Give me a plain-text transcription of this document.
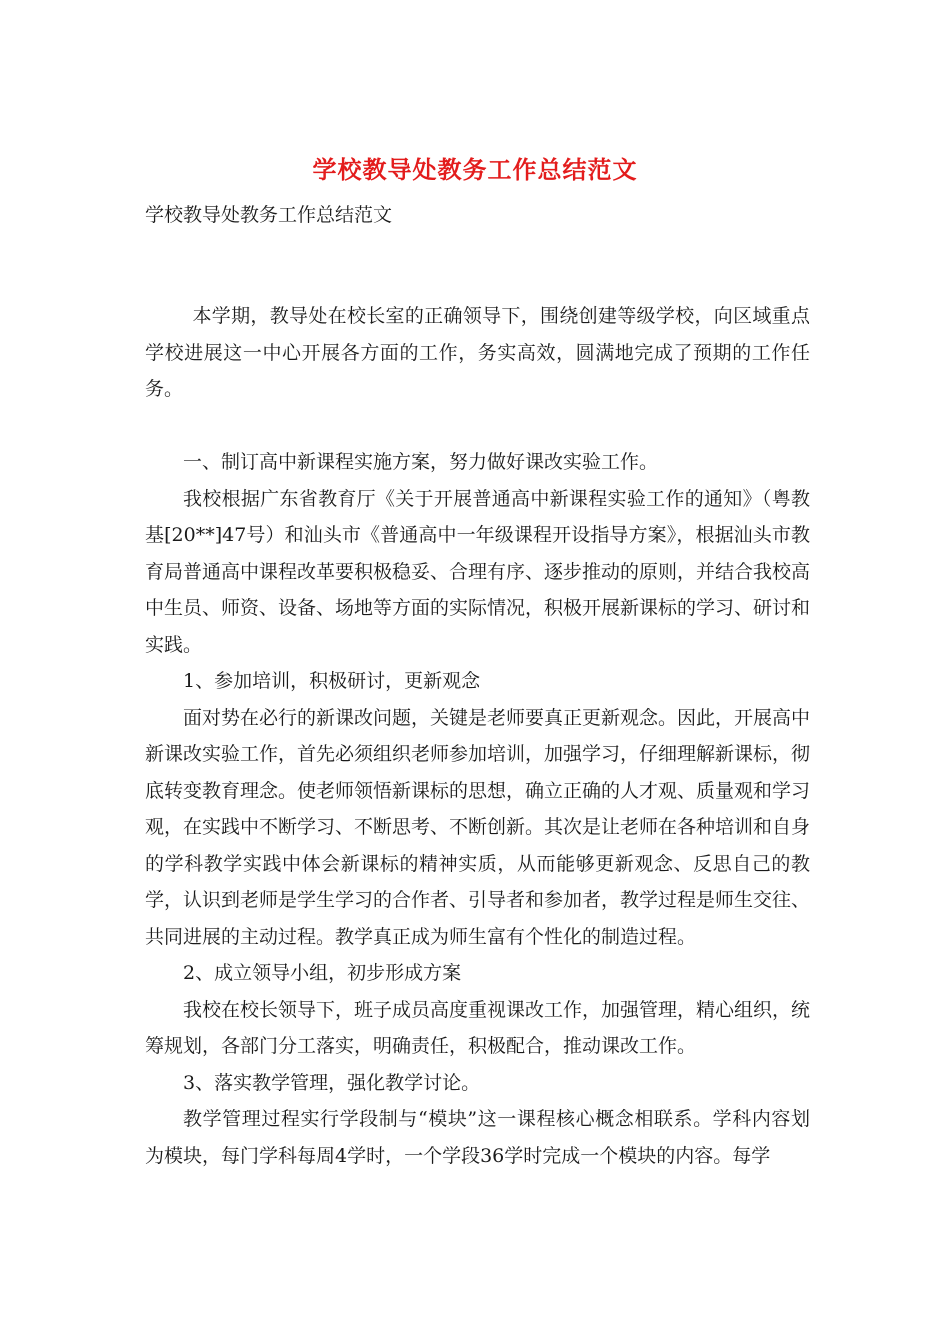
学校教导处教务工作总结范文

学校教导处教务工作总结范文

本学期，教导处在校长室的正确领导下，围绕创建等级学校，向区域重点学校进展这一中心开展各方面的工作，务实高效，圆满地完成了预期的工作任务。

一、制订高中新课程实施方案，努力做好课改实验工作。

我校根据广东省教育厅《关于开展普通高中新课程实验工作的通知》（粤教基[20**]47号）和汕头市《普通高中一年级课程开设指导方案》，根据汕头市教育局普通高中课程改革要积极稳妥、合理有序、逐步推动的原则，并结合我校高中生员、师资、设备、场地等方面的实际情况，积极开展新课标的学习、研讨和实践。

1、参加培训，积极研讨，更新观念

面对势在必行的新课改问题，关键是老师要真正更新观念。因此，开展高中新课改实验工作，首先必须组织老师参加培训，加强学习，仔细理解新课标，彻底转变教育理念。使老师领悟新课标的思想，确立正确的人才观、质量观和学习观，在实践中不断学习、不断思考、不断创新。其次是让老师在各种培训和自身的学科教学实践中体会新课标的精神实质，从而能够更新观念、反思自己的教学，认识到老师是学生学习的合作者、引导者和参加者，教学过程是师生交往、共同进展的主动过程。教学真正成为师生富有个性化的制造过程。

2、成立领导小组，初步形成方案

我校在校长领导下，班子成员高度重视课改工作，加强管理，精心组织，统筹规划，各部门分工落实，明确责任，积极配合，推动课改工作。

3、落实教学管理，强化教学讨论。

教学管理过程实行学段制与“模块”这一课程核心概念相联系。学科内容划为模块，每门学科每周4学时，一个学段36学时完成一个模块的内容。每学
